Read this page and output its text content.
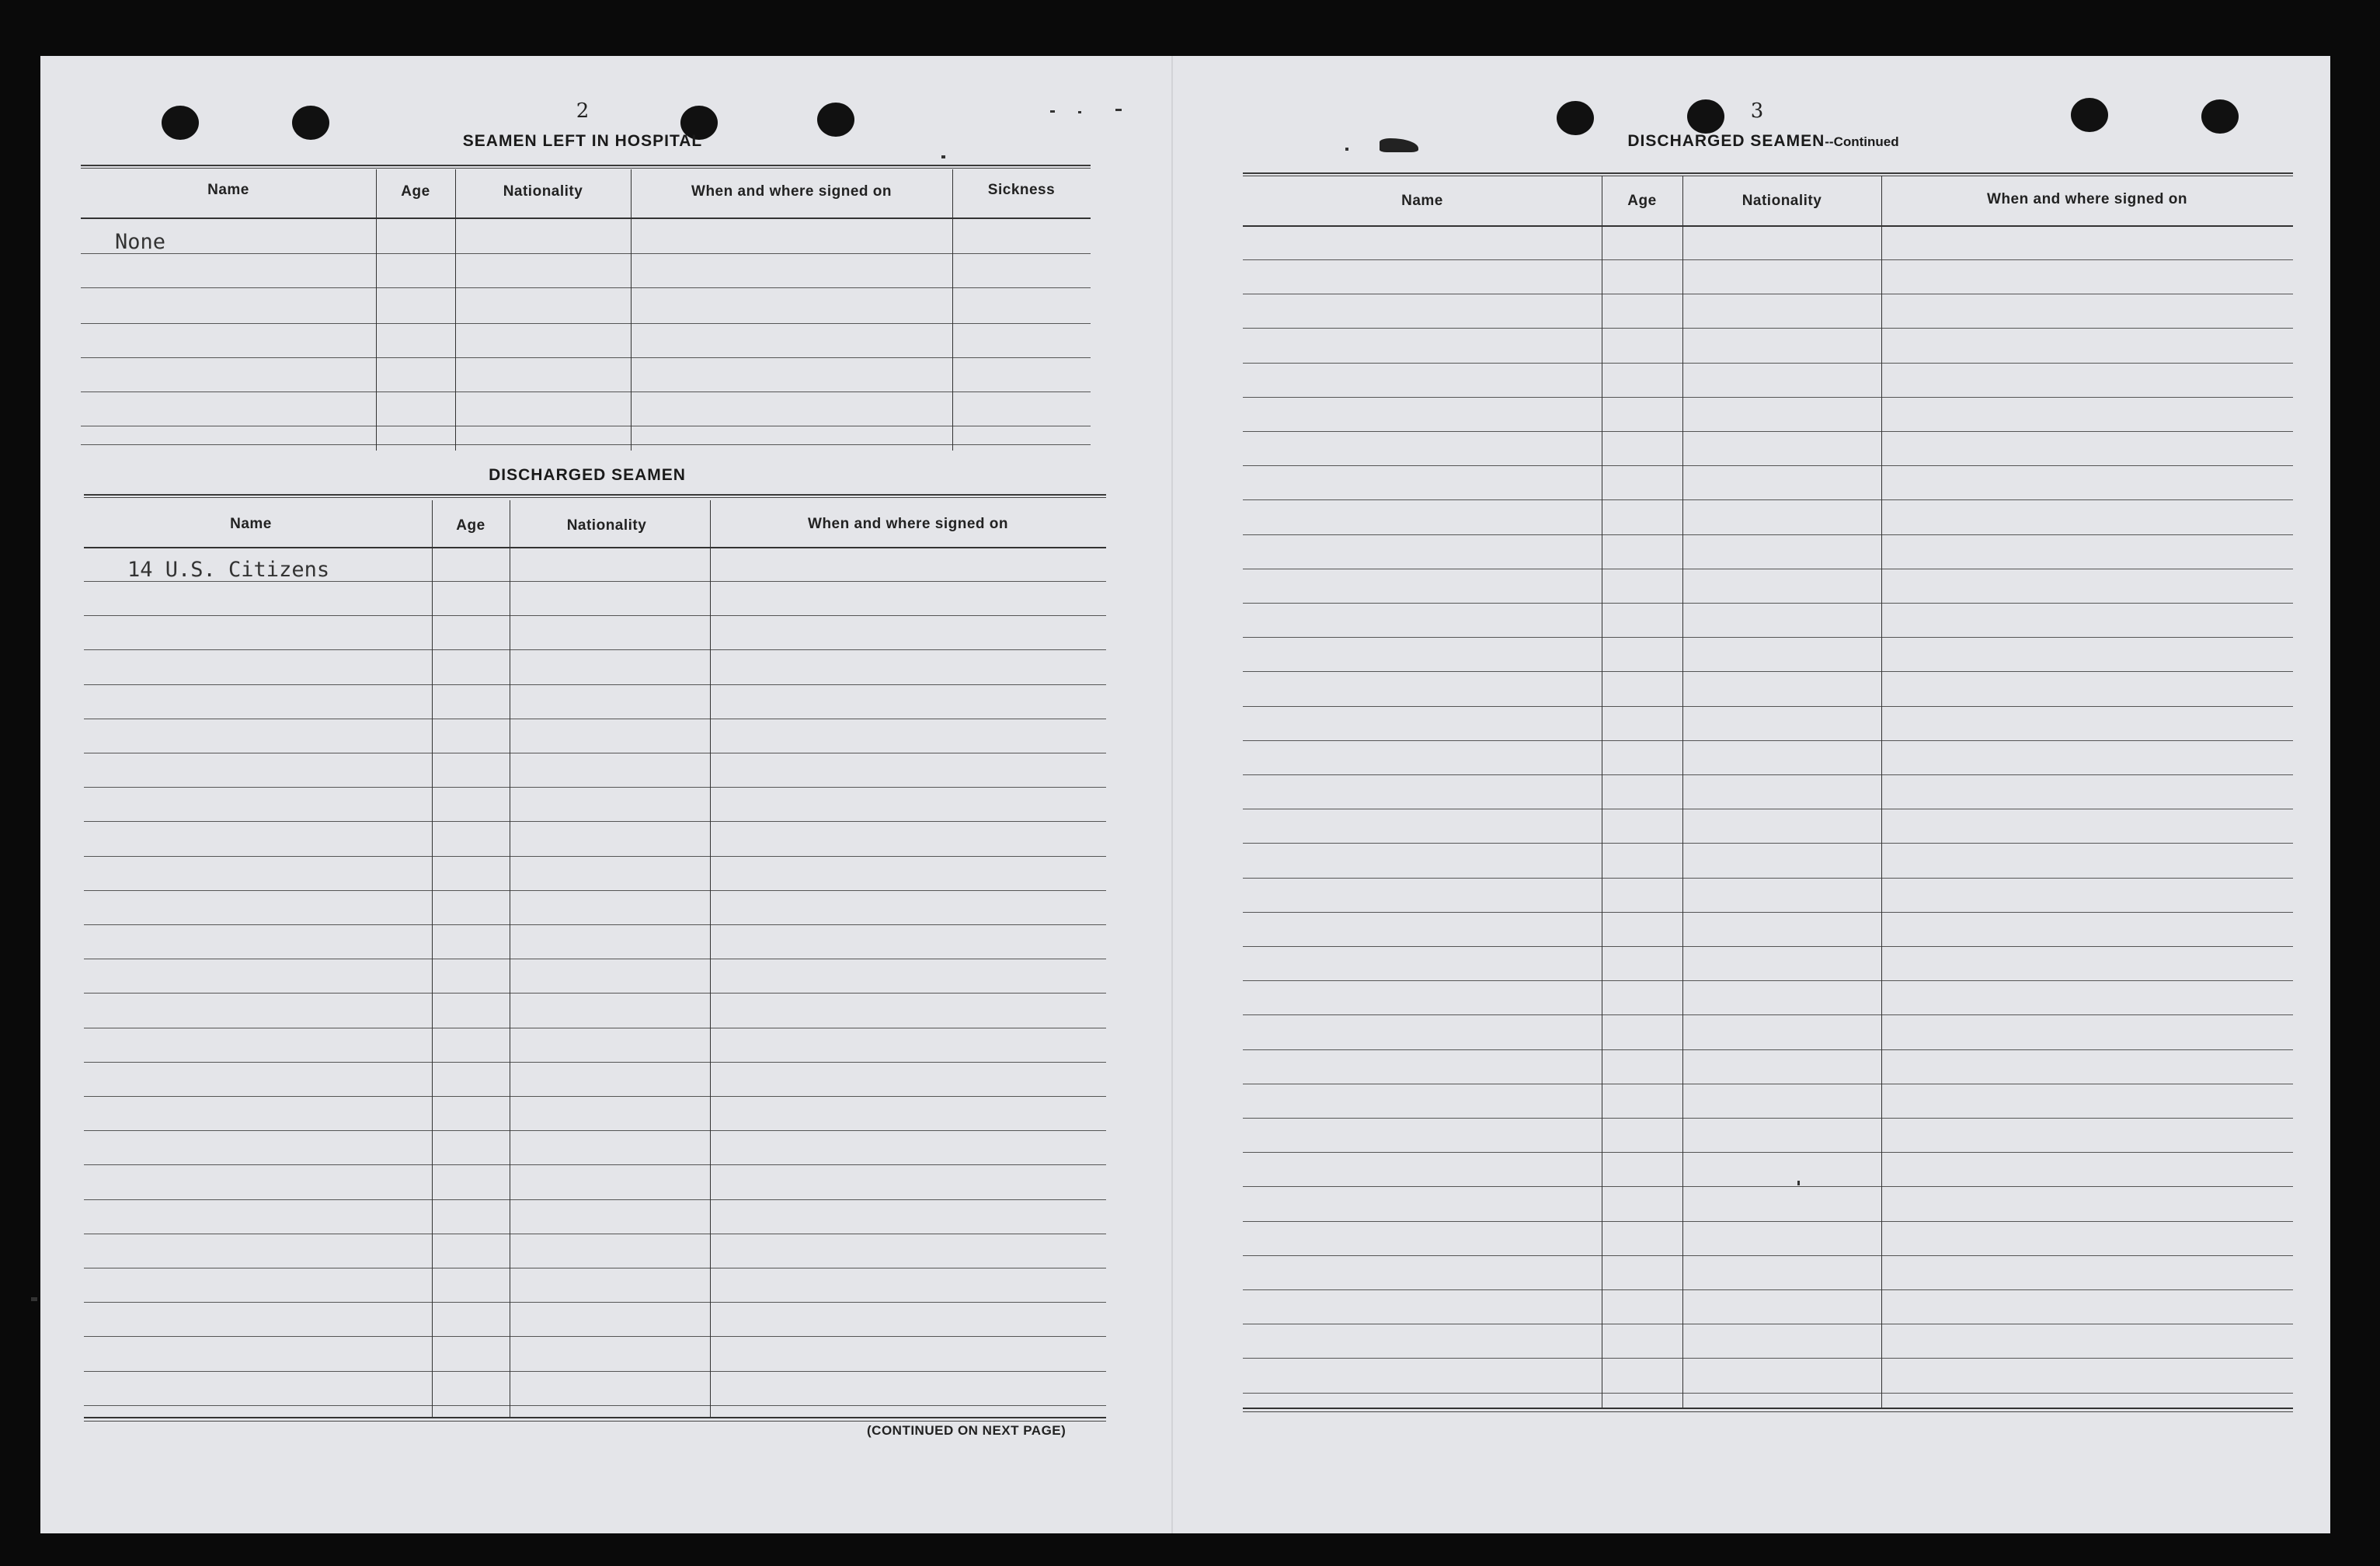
2
SEAMEN LEFT IN HOSPITAL
Name	Age	Nationality	When and where signed on	Sickness
None
DISCHARGED SEAMEN
Name	Age	Nationality	When and where signed on
14 U.S. Citizens
(CONTINUED ON NEXT PAGE)
3
DISCHARGED SEAMEN--Continued
Name	Age	Nationality	When and where signed on
